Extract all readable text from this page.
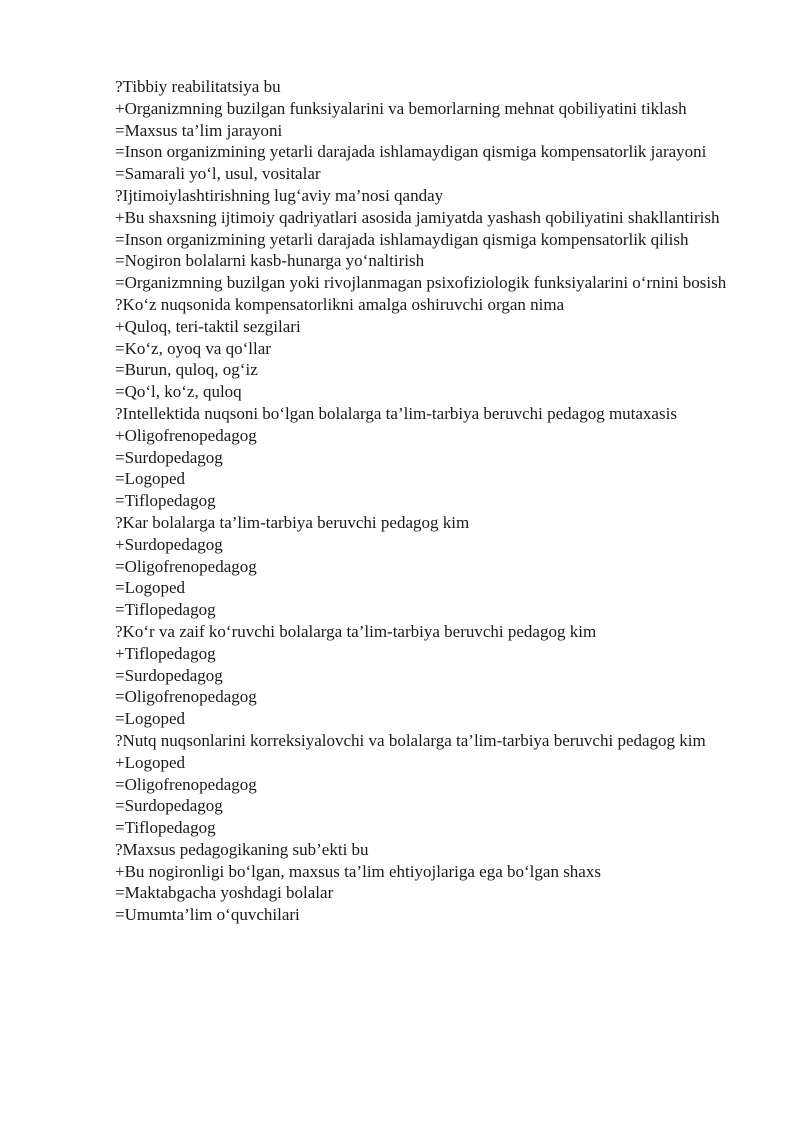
?Tibbiy reabilitatsiya bu
+Organizmning buzilgan funksiyalarini va bemorlarning mehnat qobiliyatini tiklash
=Maxsus ta’lim jarayoni
=Inson organizmining yetarli darajada ishlamaydigan qismiga kompensatorlik jarayoni
=Samarali yo‘l, usul, vositalar
?Ijtimoiylashtirishning lug‘aviy ma’nosi qanday
+Bu shaxsning ijtimoiy qadriyatlari asosida jamiyatda yashash qobiliyatini shakllantirish
=Inson organizmining yetarli darajada ishlamaydigan qismiga kompensatorlik qilish
=Nogiron bolalarni kasb-hunarga yo‘naltirish
=Organizmning buzilgan yoki rivojlanmagan psixofiziologik funksiyalarini o‘rnini bosish
?Ko‘z nuqsonida kompensatorlikni amalga oshiruvchi organ nima
+Quloq, teri-taktil sezgilari
=Ko‘z, oyoq va qo‘llar
=Burun, quloq, og‘iz
=Qo‘l, ko‘z, quloq
?Intellektida nuqsoni bo‘lgan bolalarga ta’lim-tarbiya beruvchi pedagog mutaxasis
+Oligofrenopedagog
=Surdopedagog
=Logoped
=Tiflopedagog
?Kar bolalarga ta’lim-tarbiya beruvchi pedagog kim
+Surdopedagog
=Oligofrenopedagog
=Logoped
=Tiflopedagog
?Ko‘r va zaif ko‘ruvchi bolalarga ta’lim-tarbiya beruvchi pedagog kim
+Tiflopedagog
=Surdopedagog
=Oligofrenopedagog
=Logoped
?Nutq nuqsonlarini korreksiyalovchi va bolalarga ta’lim-tarbiya beruvchi pedagog kim
+Logoped
=Oligofrenopedagog
=Surdopedagog
=Tiflopedagog
?Maxsus pedagogikaning sub’ekti bu
+Bu nogironligi bo‘lgan, maxsus ta’lim ehtiyojlariga ega bo‘lgan shaxs
=Maktabgacha yoshdagi bolalar
=Umumta’lim o‘quvchilari
